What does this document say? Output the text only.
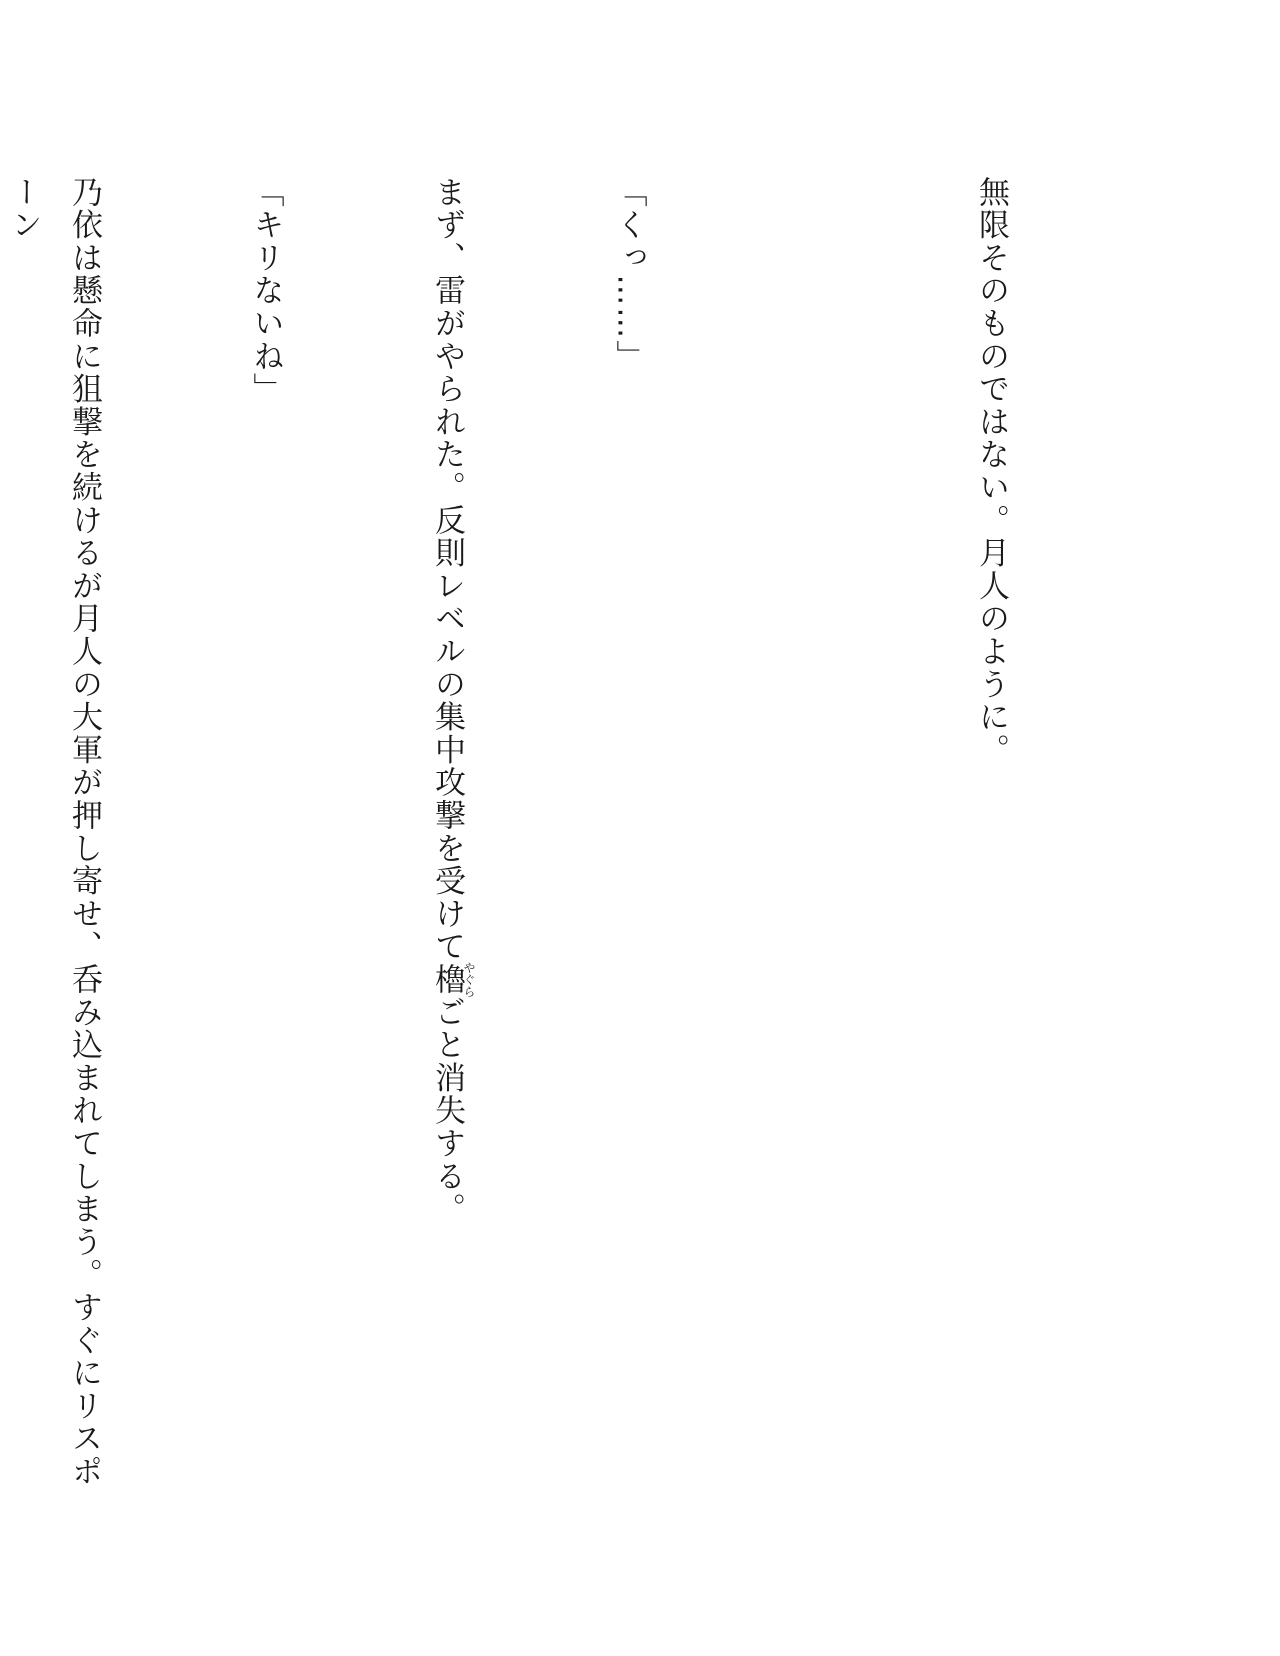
無限そのものではない。月人のように。

「くっ……」

まず、雷がやられた。反則レベルの集中攻撃を受けて櫓やぐらごと消失する。

「キリないね」

乃依は懸命に狙撃を続けるが月人の大軍が押し寄せ、呑み込まれてしまう。すぐにリスポーン
